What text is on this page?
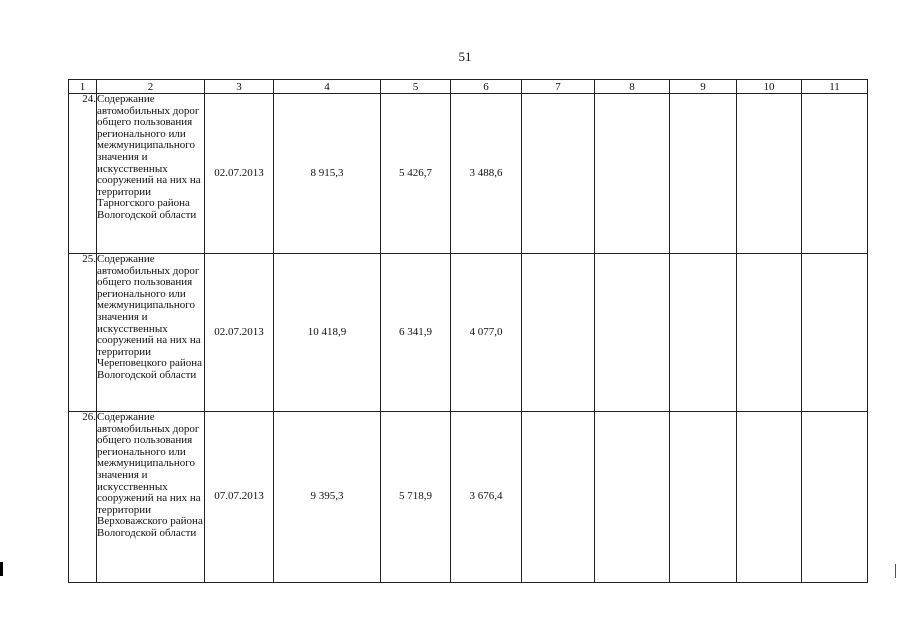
51
1	2	3	4	5	6	7	8	9	10	11
24.	Содержание автомобильных дорог общего пользования регионального или межмуниципального значения и искусственных сооружений на них на территории Тарногского района Вологодской области	02.07.2013	8 915,3	5 426,7	3 488,6					
25.	Содержание автомобильных дорог общего пользования регионального или межмуниципального значения и искусственных сооружений на них на территории Череповецкого района Вологодской области	02.07.2013	10 418,9	6 341,9	4 077,0					
26.	Содержание автомобильных дорог общего пользования регионального или межмуниципального значения и искусственных сооружений на них на территории Верховажского района Вологодской области	07.07.2013	9 395,3	5 718,9	3 676,4					
